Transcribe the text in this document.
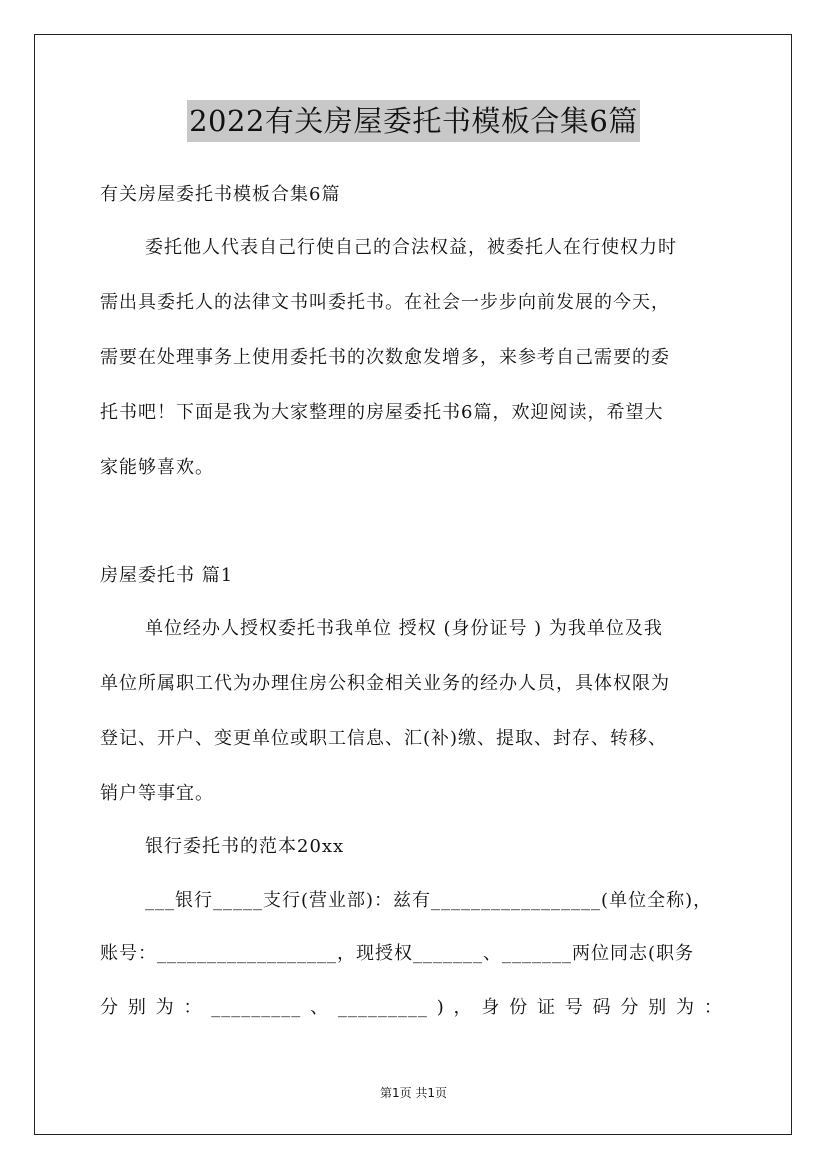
2022有关房屋委托书模板合集6篇
有关房屋委托书模板合集6篇
委托他人代表自己行使自己的合法权益，被委托人在行使权力时
需出具委托人的法律文书叫委托书。在社会一步步向前发展的今天，
需要在处理事务上使用委托书的次数愈发增多，来参考自己需要的委
托书吧！下面是我为大家整理的房屋委托书6篇，欢迎阅读，希望大
家能够喜欢。
房屋委托书 篇1
单位经办人授权委托书我单位 授权 (身份证号 ) 为我单位及我
单位所属职工代为办理住房公积金相关业务的经办人员，具体权限为
登记、开户、变更单位或职工信息、汇(补)缴、提取、封存、转移、
销户等事宜。
银行委托书的范本20xx
___银行_____支行(营业部)：兹有_________________(单位全称)，
账号：__________________，现授权_______、_______两位同志(职务
分 别 为 ： _________ 、 _________ ) ， 身 份 证 号 码 分 别 为 ：
第1页 共1页
